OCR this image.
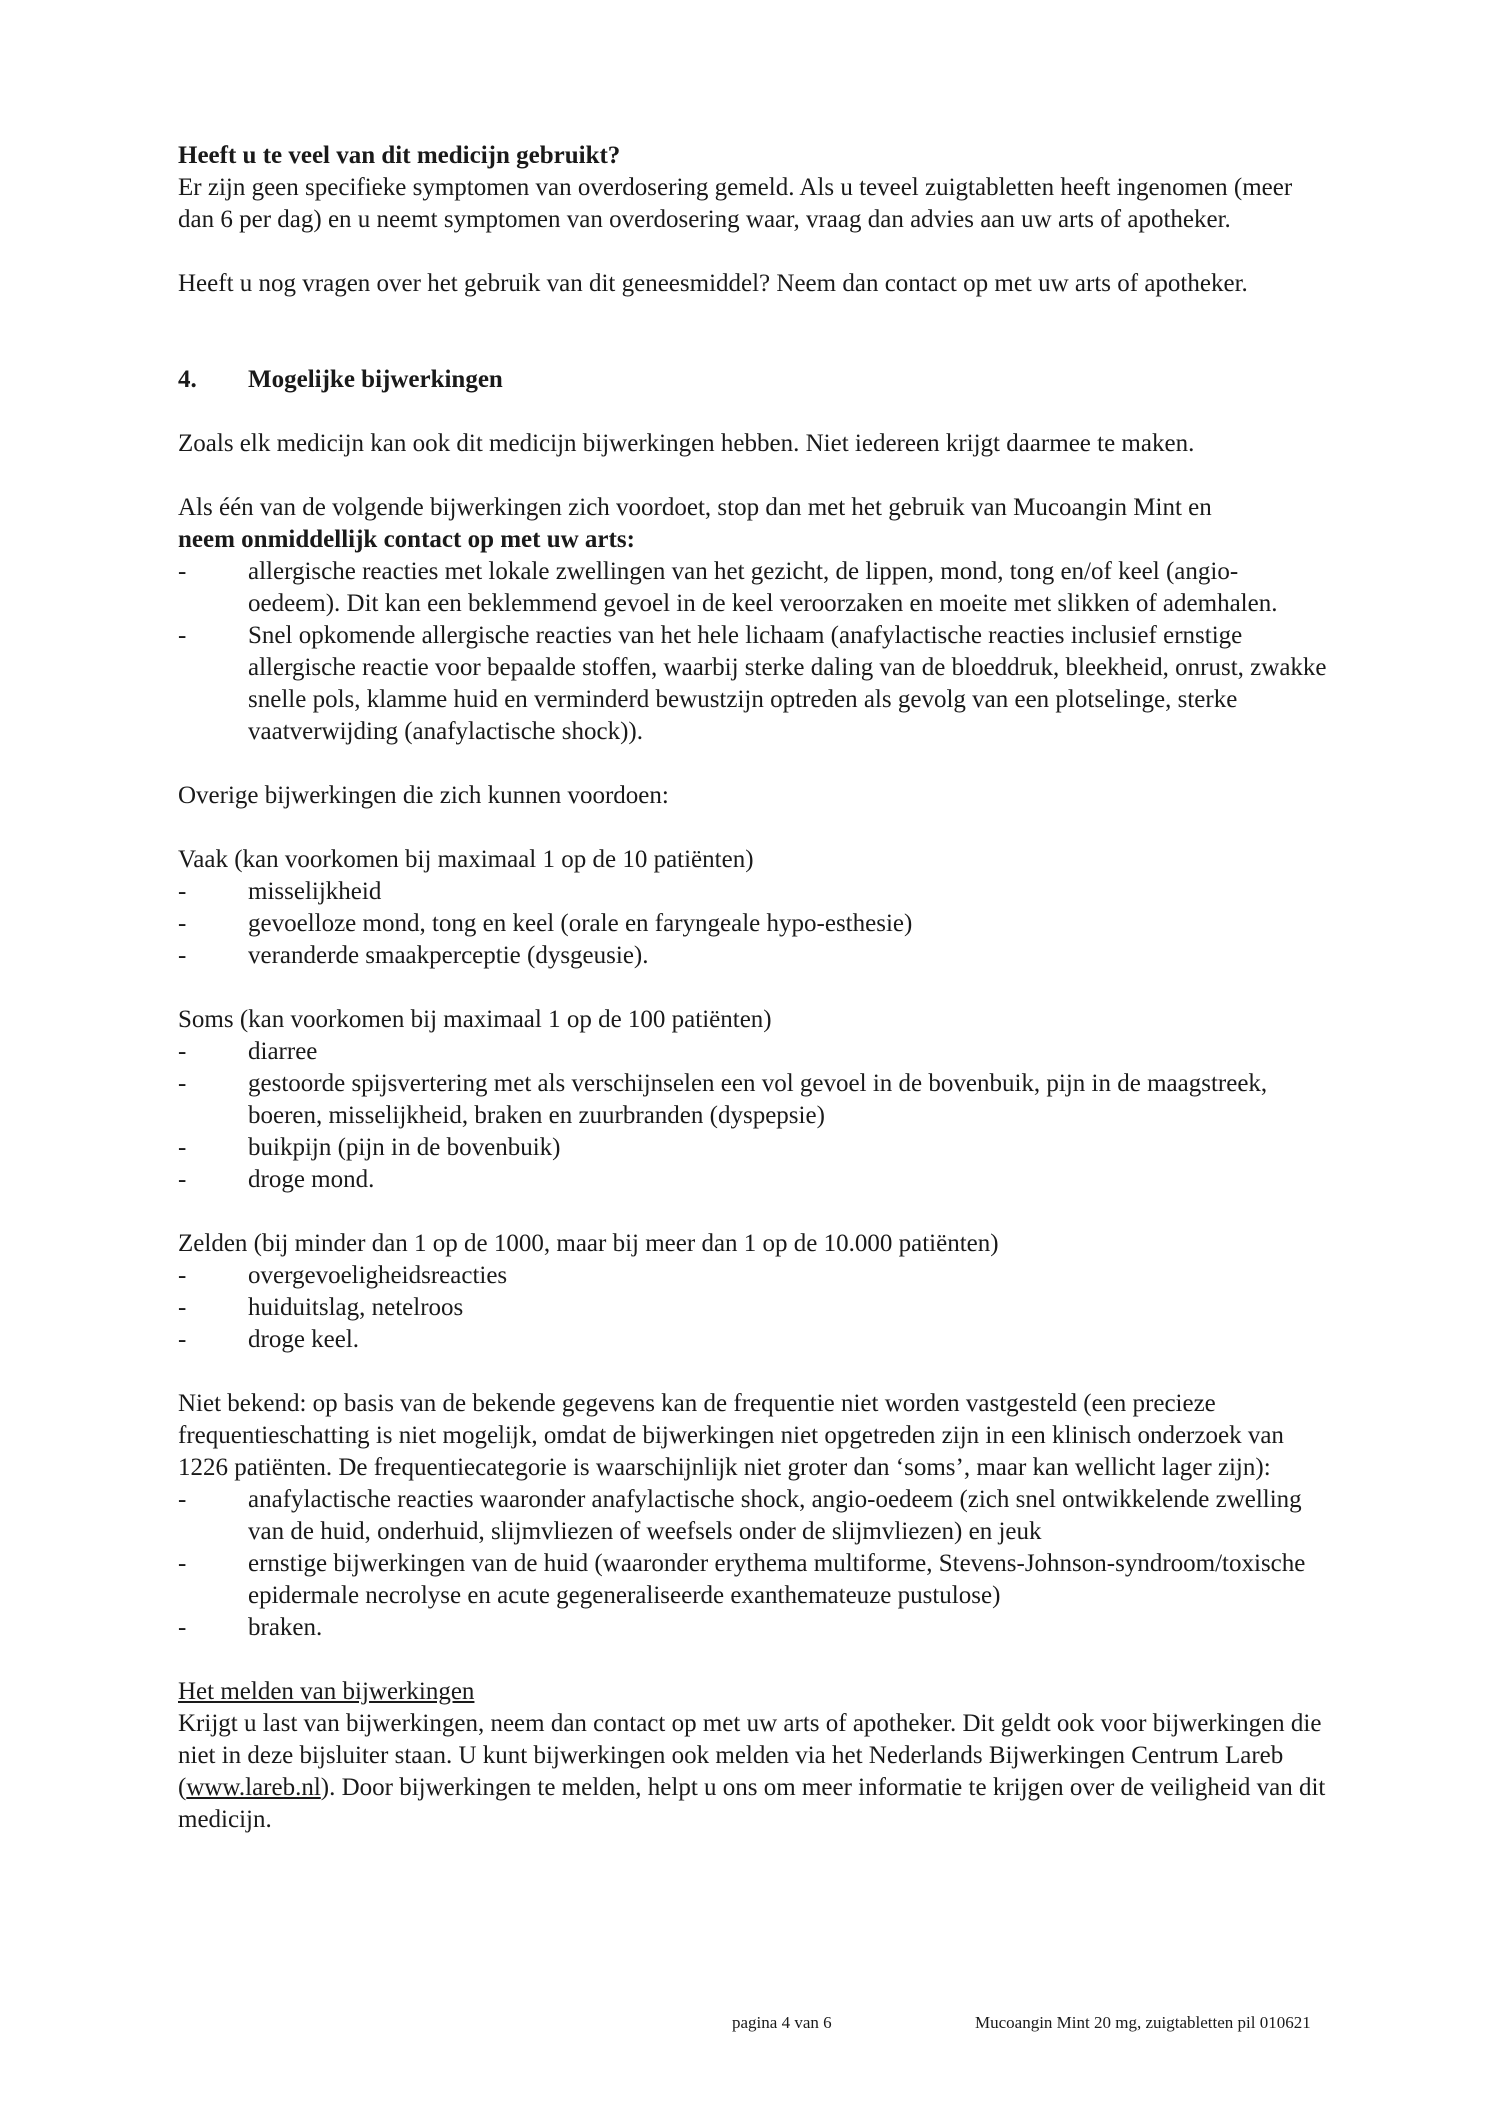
Heeft u te veel van dit medicijn gebruikt?

Er zijn geen specifieke symptomen van overdosering gemeld. Als u teveel zuigtabletten heeft ingenomen (meer dan 6 per dag) en u neemt symptomen van overdosering waar, vraag dan advies aan uw arts of apotheker.

Heeft u nog vragen over het gebruik van dit geneesmiddel? Neem dan contact op met uw arts of apotheker.

4.	Mogelijke bijwerkingen

Zoals elk medicijn kan ook dit medicijn bijwerkingen hebben. Niet iedereen krijgt daarmee te maken.

Als één van de volgende bijwerkingen zich voordoet, stop dan met het gebruik van Mucoangin Mint en
neem onmiddellijk contact op met uw arts:

-	allergische reacties met lokale zwellingen van het gezicht, de lippen, mond, tong en/of keel (angio-oedeem). Dit kan een beklemmend gevoel in de keel veroorzaken en moeite met slikken of ademhalen.
-	Snel opkomende allergische reacties van het hele lichaam (anafylactische reacties inclusief ernstige allergische reactie voor bepaalde stoffen, waarbij sterke daling van de bloeddruk, bleekheid, onrust, zwakke snelle pols, klamme huid en verminderd bewustzijn optreden als gevolg van een plotselinge, sterke vaatverwijding (anafylactische shock)).

Overige bijwerkingen die zich kunnen voordoen:

Vaak (kan voorkomen bij maximaal 1 op de 10 patiënten)

-	misselijkheid
-	gevoelloze mond, tong en keel (orale en faryngeale hypo-esthesie)
-	veranderde smaakperceptie (dysgeusie).

Soms (kan voorkomen bij maximaal 1 op de 100 patiënten)

-	diarree
-	gestoorde spijsvertering met als verschijnselen een vol gevoel in de bovenbuik, pijn in de maagstreek, boeren, misselijkheid, braken en zuurbranden (dyspepsie)
-	buikpijn (pijn in de bovenbuik)
-	droge mond.

Zelden (bij minder dan 1 op de 1000, maar bij meer dan 1 op de 10.000 patiënten)

-	overgevoeligheidsreacties
-	huiduitslag, netelroos
-	droge keel.

Niet bekend: op basis van de bekende gegevens kan de frequentie niet worden vastgesteld (een precieze frequentieschatting is niet mogelijk, omdat de bijwerkingen niet opgetreden zijn in een klinisch onderzoek van 1226 patiënten. De frequentiecategorie is waarschijnlijk niet groter dan ‘soms’, maar kan wellicht lager zijn):

-	anafylactische reacties waaronder anafylactische shock, angio-oedeem (zich snel ontwikkelende zwelling van de huid, onderhuid, slijmvliezen of weefsels onder de slijmvliezen) en jeuk
-	ernstige bijwerkingen van de huid (waaronder erythema multiforme, Stevens-Johnson-syndroom/toxische epidermale necrolyse en acute gegeneraliseerde exanthemateuze pustulose)
-	braken.

Het melden van bijwerkingen

Krijgt u last van bijwerkingen, neem dan contact op met uw arts of apotheker. Dit geldt ook voor bijwerkingen die niet in deze bijsluiter staan. U kunt bijwerkingen ook melden via het Nederlands Bijwerkingen Centrum Lareb (www.lareb.nl). Door bijwerkingen te melden, helpt u ons om meer informatie te krijgen over de veiligheid van dit medicijn.

pagina 4 van 6	Mucoangin Mint 20 mg, zuigtabletten pil 010621
